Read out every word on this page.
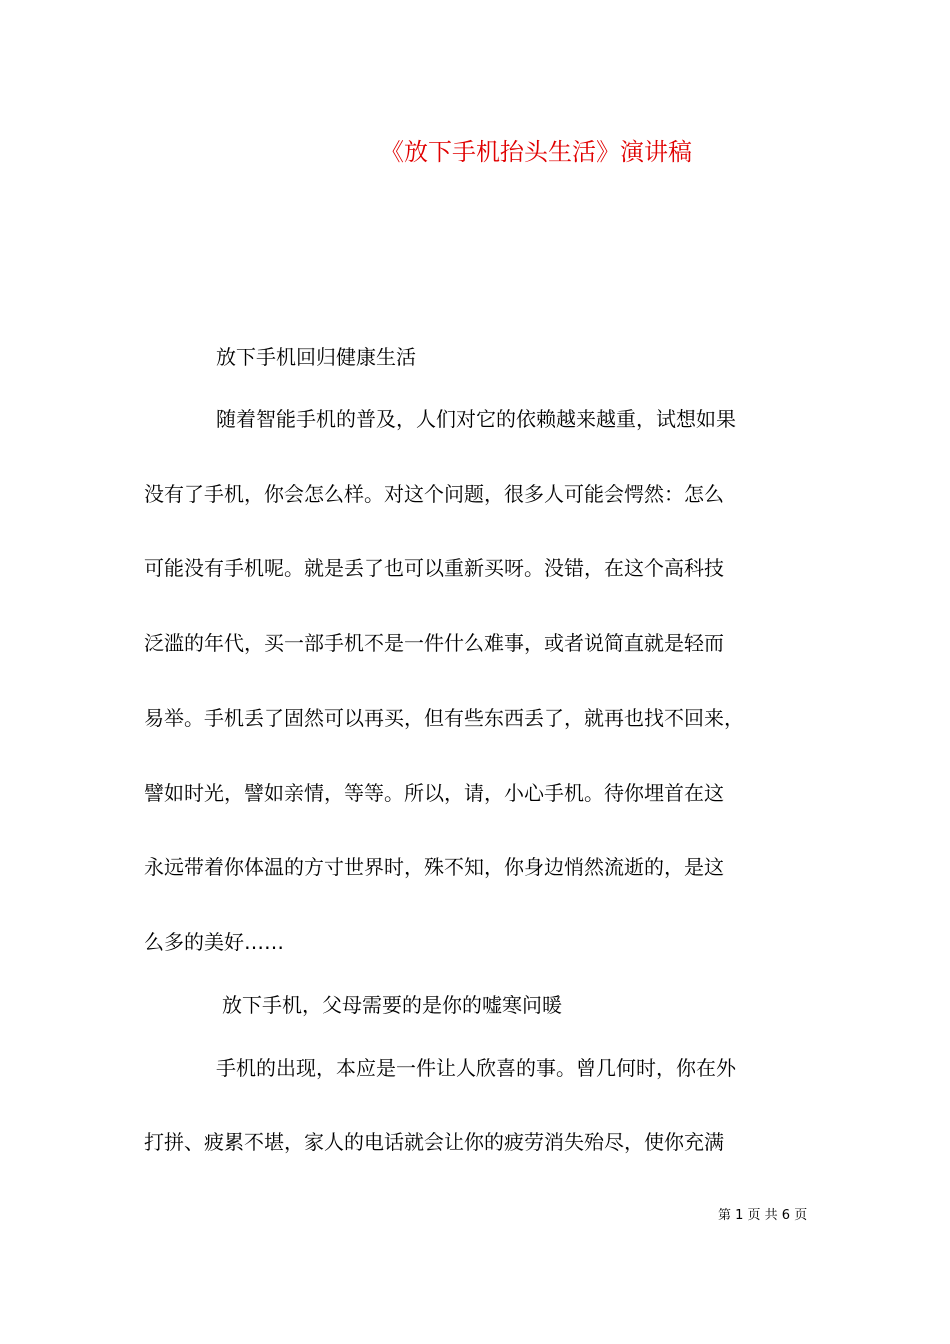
《放下手机抬头生活》演讲稿
放下手机回归健康生活
随着智能手机的普及，人们对它的依赖越来越重，试想如果
没有了手机，你会怎么样。对这个问题，很多人可能会愕然：怎么
可能没有手机呢。就是丢了也可以重新买呀。没错，在这个高科技
泛滥的年代，买一部手机不是一件什么难事，或者说简直就是轻而
易举。手机丢了固然可以再买，但有些东西丢了，就再也找不回来，
譬如时光，譬如亲情，等等。所以，请，小心手机。待你埋首在这
永远带着你体温的方寸世界时，殊不知，你身边悄然流逝的，是这
么多的美好……
放下手机，父母需要的是你的嘘寒问暖
手机的出现，本应是一件让人欣喜的事。曾几何时，你在外
打拼、疲累不堪，家人的电话就会让你的疲劳消失殆尽，使你充满
第 1 页 共 6 页
